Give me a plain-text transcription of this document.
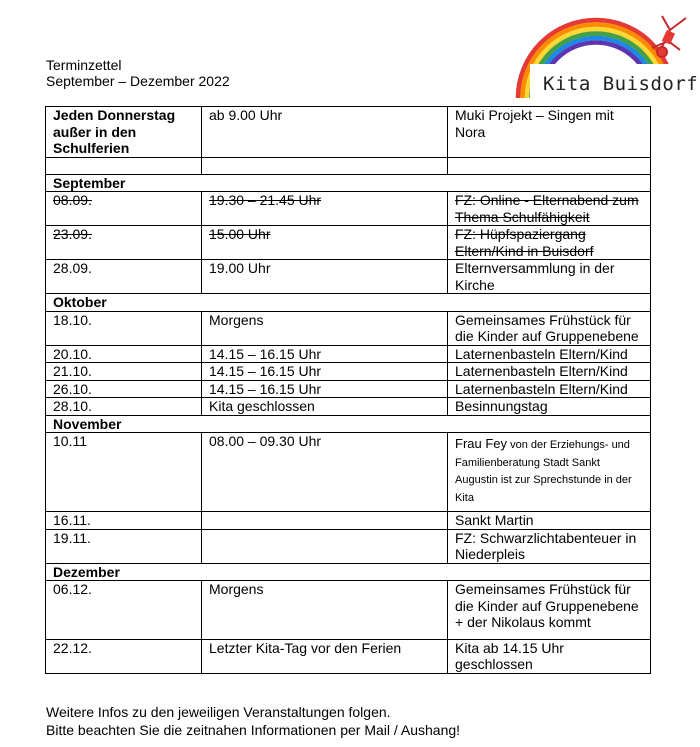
Terminzettel
September – Dezember 2022	Kita Buisdorf
Jeden Donnerstag außer in den Schulferien	ab 9.00 Uhr	Muki Projekt – Singen mit Nora

September		
08.09.	19.30 – 21.45 Uhr	FZ: Online - Elternabend zum Thema Schulfähigkeit
23.09.	15.00 Uhr	FZ: Hüpfspaziergang Eltern/Kind in Buisdorf
28.09.	19.00 Uhr	Elternversammlung in der Kirche
Oktober		
18.10.	Morgens	Gemeinsames Frühstück für die Kinder auf Gruppenebene
20.10.	14.15 – 16.15 Uhr	Laternenbasteln Eltern/Kind
21.10.	14.15 – 16.15 Uhr	Laternenbasteln Eltern/Kind
26.10.	14.15 – 16.15 Uhr	Laternenbasteln Eltern/Kind
28.10.	Kita geschlossen	Besinnungstag
November		
10.11	08.00 – 09.30 Uhr	Frau Fey von der Erziehungs- und Familienberatung Stadt Sankt Augustin ist zur Sprechstunde in der Kita
16.11.		Sankt Martin
19.11.		FZ: Schwarzlichtabenteuer in Niederpleis
Dezember		
06.12.	Morgens	Gemeinsames Frühstück für die Kinder auf Gruppenebene + der Nikolaus kommt
22.12.	Letzter Kita-Tag vor den Ferien	Kita ab 14.15 Uhr geschlossen
Weitere Infos zu den jeweiligen Veranstaltungen folgen.
Bitte beachten Sie die zeitnahen Informationen per Mail / Aushang!
